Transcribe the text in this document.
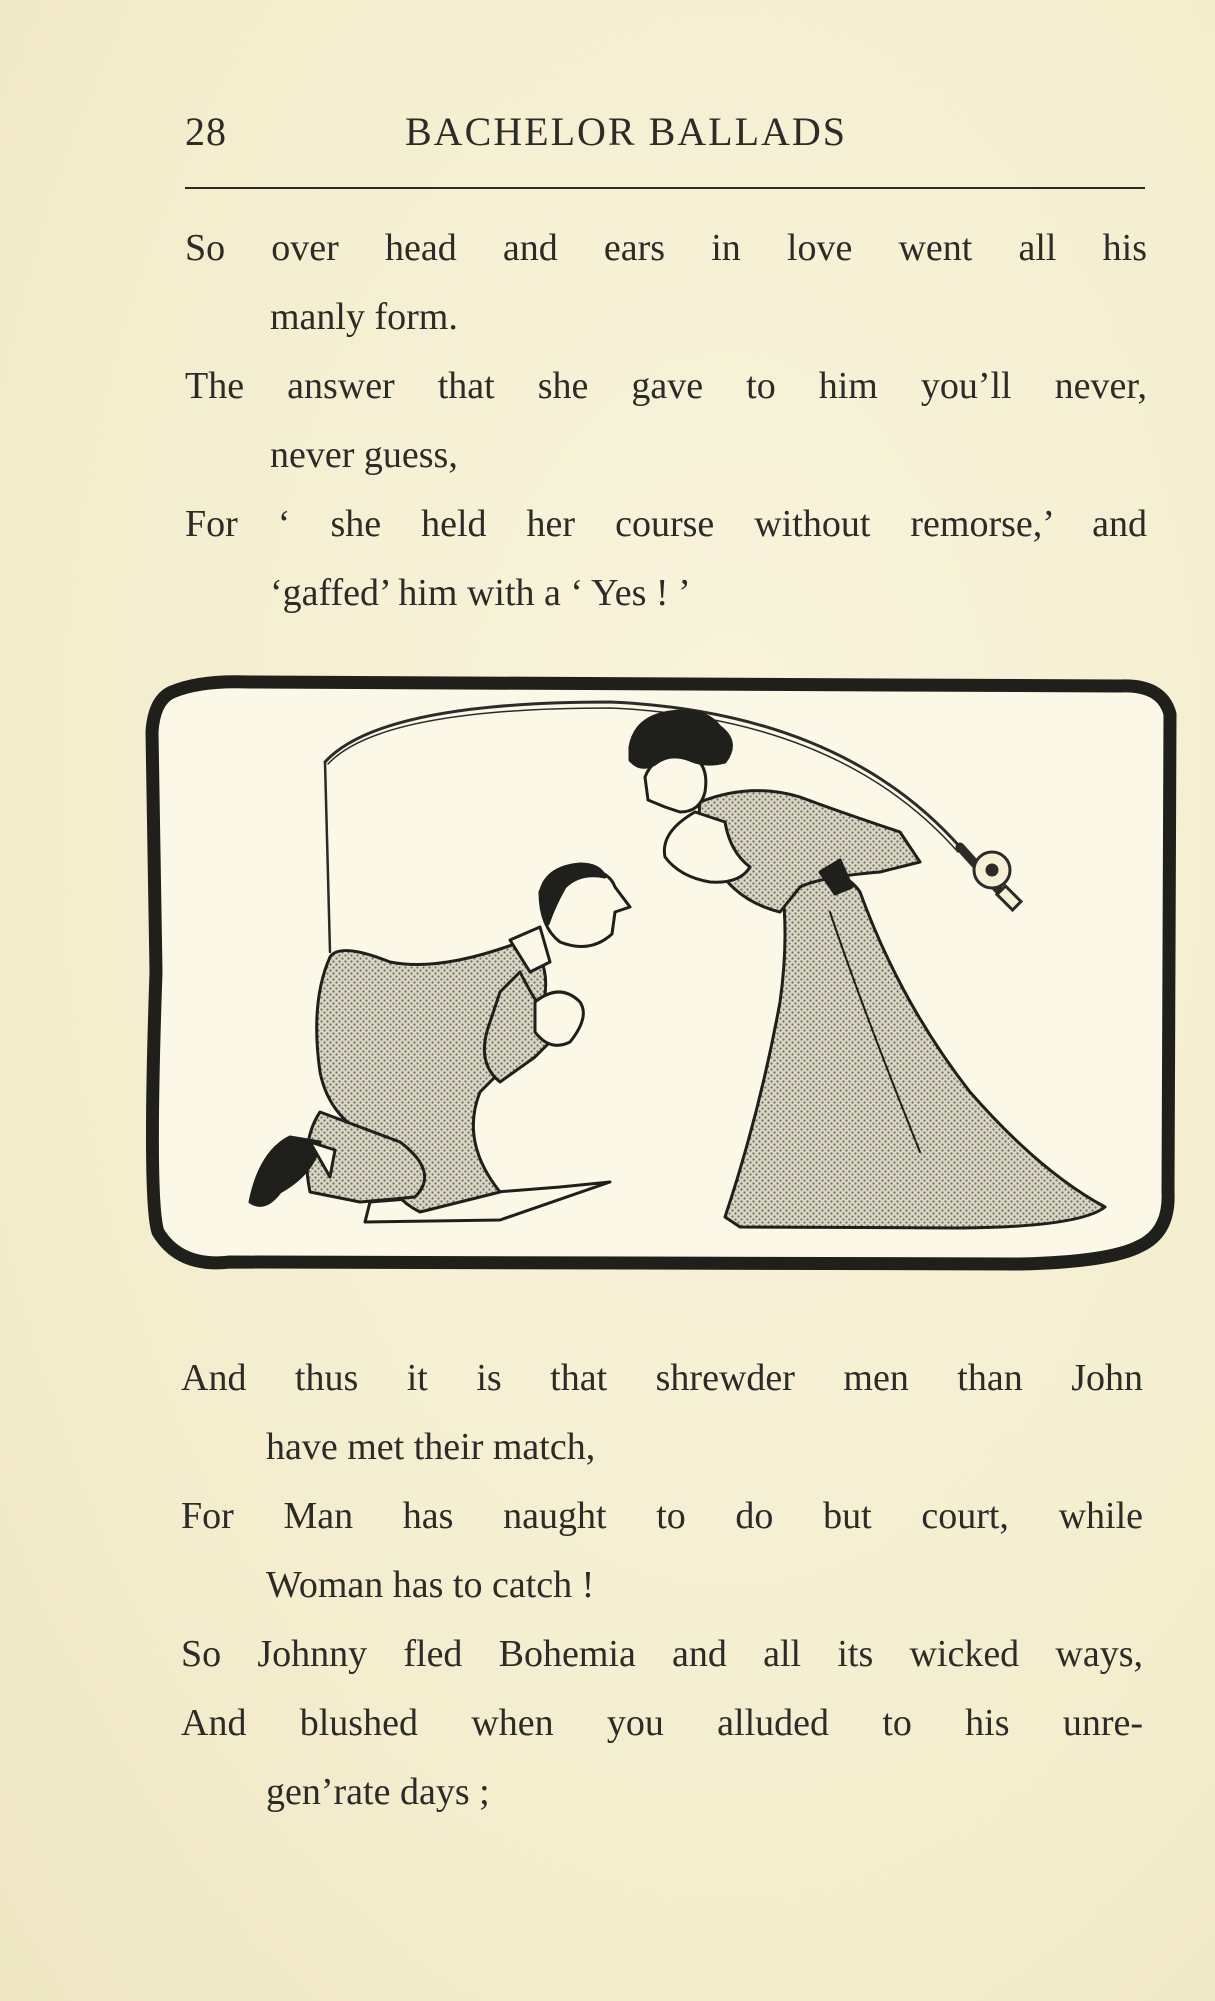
28	BACHELOR BALLADS
So over head and ears in love went all his
manly form.
The answer that she gave to him you’ll never,
never guess,
For ‘ she held her course without remorse,’ and
‘gaffed’ him with a ‘ Yes ! ’
And thus it is that shrewder men than John
have met their match,
For Man has naught to do but court, while
Woman has to catch !
So Johnny fled Bohemia and all its wicked ways,
And blushed when you alluded to his unre-
gen’rate days ;
